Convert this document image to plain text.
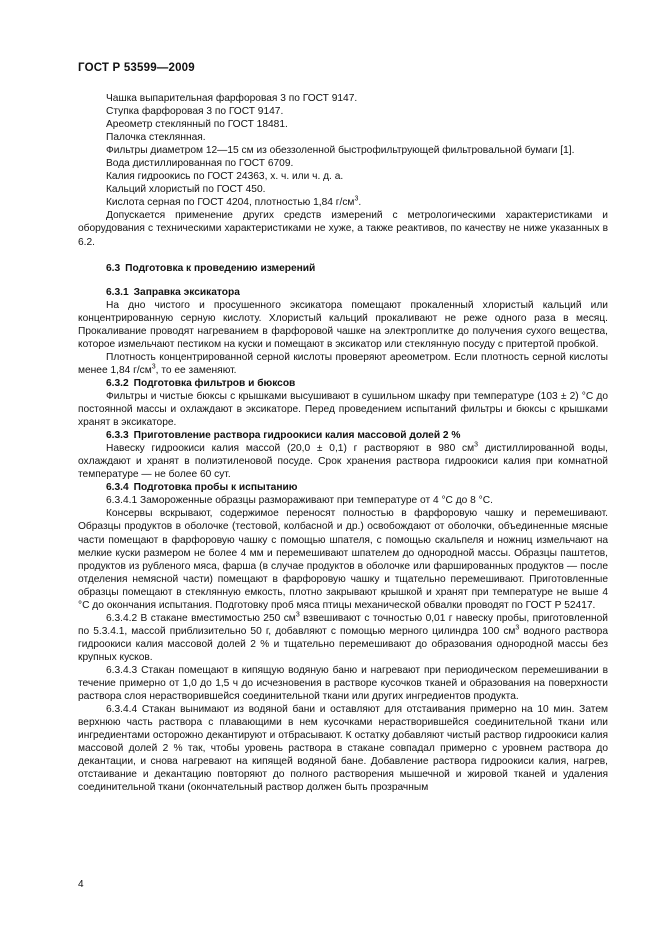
ГОСТ Р 53599—2009

Чашка выпарительная фарфоровая 3 по ГОСТ 9147.

Ступка фарфоровая 3 по ГОСТ 9147.

Ареометр стеклянный по ГОСТ 18481.

Палочка стеклянная.

Фильтры диаметром 12—15 см из обеззоленной быстрофильтрующей фильтровальной бумаги [1].

Вода дистиллированная по ГОСТ 6709.

Калия гидроокись по ГОСТ 24363, х. ч. или ч. д. а.

Кальций хлористый по ГОСТ 450.

Кислота серная по ГОСТ 4204, плотностью 1,84 $г/см^3$.

Допускается применение других средств измерений с метрологическими характеристиками и оборудования с техническими характеристиками не хуже, а также реактивов, по качеству не ниже указанных в 6.2.

6.3 Подготовка к проведению измерений

6.3.1 Заправка эксикатора

На дно чистого и просушенного эксикатора помещают прокаленный хлористый кальций или концентрированную серную кислоту. Хлористый кальций прокаливают не реже одного раза в месяц. Прокаливание проводят нагреванием в фарфоровой чашке на электроплитке до получения сухого вещества, которое измельчают пестиком на куски и помещают в эксикатор или стеклянную посуду с притертой пробкой.

Плотность концентрированной серной кислоты проверяют ареометром. Если плотность серной кислоты менее 1,84 $г/см^3$, то ее заменяют.

6.3.2 Подготовка фильтров и бюксов

Фильтры и чистые бюксы с крышками высушивают в сушильном шкафу при температуре (103 ± 2) °С до постоянной массы и охлаждают в эксикаторе. Перед проведением испытаний фильтры и бюксы с крышками хранят в эксикаторе.

6.3.3 Приготовление раствора гидроокиси калия массовой долей 2 %

Навеску гидроокиси калия массой (20,0 ± 0,1) г растворяют в 980 $см^3$ дистиллированной воды, охлаждают и хранят в полиэтиленовой посуде. Срок хранения раствора гидроокиси калия при комнатной температуре — не более 60 сут.

6.3.4 Подготовка пробы к испытанию

6.3.4.1 Замороженные образцы размораживают при температуре от 4 °С до 8 °С.

Консервы вскрывают, содержимое переносят полностью в фарфоровую чашку и перемешивают. Образцы продуктов в оболочке (тестовой, колбасной и др.) освобождают от оболочки, объединенные мясные части помещают в фарфоровую чашку с помощью шпателя, с помощью скальпеля и ножниц измельчают на мелкие куски размером не более 4 мм и перемешивают шпателем до однородной массы. Образцы паштетов, продуктов из рубленого мяса, фарша (в случае продуктов в оболочке или фаршированных продуктов — после отделения немясной части) помещают в фарфоровую чашку и тщательно перемешивают. Приготовленные образцы помещают в стеклянную емкость, плотно закрывают крышкой и хранят при температуре не выше 4 °С до окончания испытания. Подготовку проб мяса птицы механической обвалки проводят по ГОСТ Р 52417.

6.3.4.2 В стакане вместимостью 250 $см^3$ взвешивают с точностью 0,01 г навеску пробы, приготовленной по 5.3.4.1, массой приблизительно 50 г, добавляют с помощью мерного цилиндра 100 $см^3$ водного раствора гидроокиси калия массовой долей 2 % и тщательно перемешивают до образования однородной массы без крупных кусков.

6.3.4.3 Стакан помещают в кипящую водяную баню и нагревают при периодическом перемешивании в течение примерно от 1,0 до 1,5 ч до исчезновения в растворе кусочков тканей и образования на поверхности раствора слоя нерастворившейся соединительной ткани или других ингредиентов продукта.

6.3.4.4 Стакан вынимают из водяной бани и оставляют для отстаивания примерно на 10 мин. Затем верхнюю часть раствора с плавающими в нем кусочками нерастворившейся соединительной ткани или ингредиентами осторожно декантируют и отбрасывают. К остатку добавляют чистый раствор гидроокиси калия массовой долей 2 % так, чтобы уровень раствора в стакане совпадал примерно с уровнем раствора до декантации, и снова нагревают на кипящей водяной бане. Добавление раствора гидроокиси калия, нагрев, отстаивание и декантацию повторяют до полного растворения мышечной и жировой тканей и удаления соединительной ткани (окончательный раствор должен быть прозрачным

4
